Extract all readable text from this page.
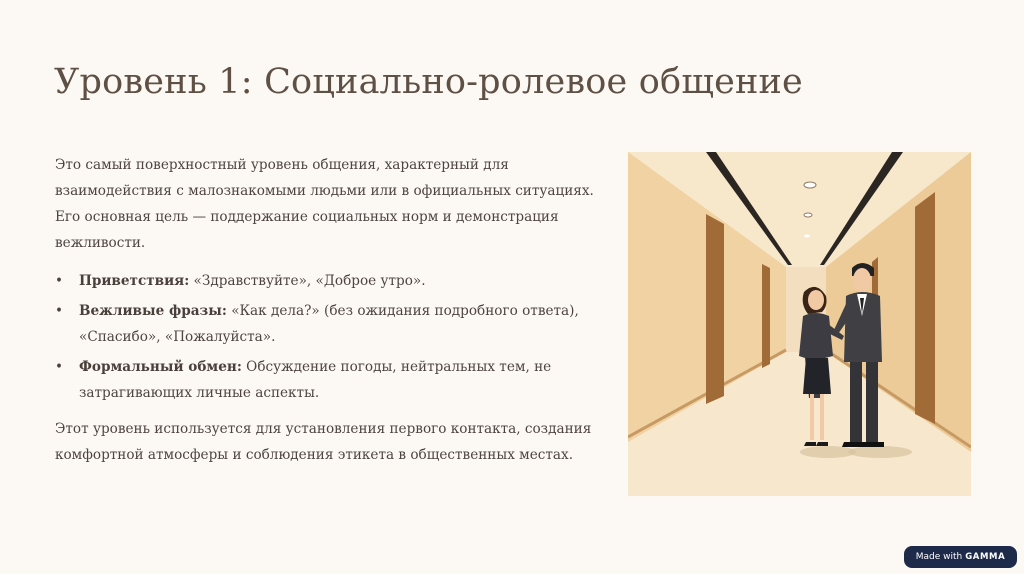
Уровень 1: Социально-ролевое общение

Это самый поверхностный уровень общения, характерный для взаимодействия с малознакомыми людьми или в официальных ситуациях. Его основная цель — поддержание социальных норм и демонстрация вежливости.

• Приветствия: «Здравствуйте», «Доброе утро».
• Вежливые фразы: «Как дела?» (без ожидания подробного ответа), «Спасибо», «Пожалуйста».
• Формальный обмен: Обсуждение погоды, нейтральных тем, не затрагивающих личные аспекты.

Этот уровень используется для установления первого контакта, создания комфортной атмосферы и соблюдения этикета в общественных местах.

Made with GAMMA
